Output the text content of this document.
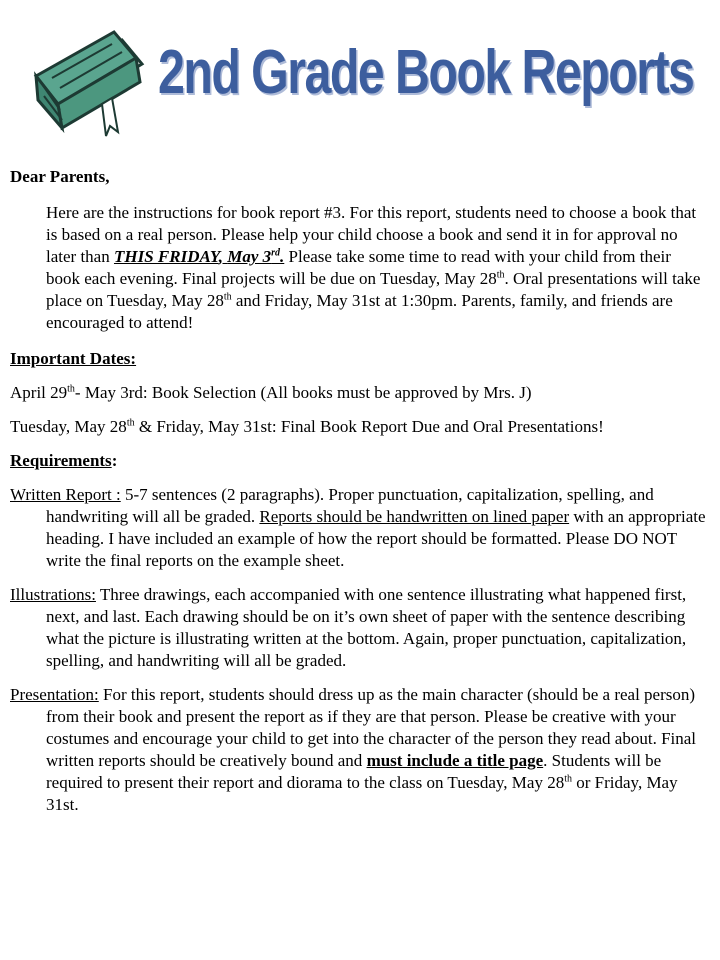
2nd Grade Book Reports

Dear Parents,

Here are the instructions for book report #3. For this report, students need to choose a book that is based on a real person. Please help your child choose a book and send it in for approval no later than THIS FRIDAY, May 3rd. Please take some time to read with your child from their book each evening. Final projects will be due on Tuesday, May 28th. Oral presentations will take place on Tuesday, May 28th and Friday, May 31st at 1:30pm. Parents, family, and friends are encouraged to attend!

Important Dates:

April 29th- May 3rd: Book Selection (All books must be approved by Mrs. J)

Tuesday, May 28th & Friday, May 31st: Final Book Report Due and Oral Presentations!

Requirements:

Written Report : 5-7 sentences (2 paragraphs). Proper punctuation, capitalization, spelling, and handwriting will all be graded. Reports should be handwritten on lined paper with an appropriate heading. I have included an example of how the report should be formatted. Please DO NOT write the final reports on the example sheet.

Illustrations: Three drawings, each accompanied with one sentence illustrating what happened first, next, and last. Each drawing should be on it’s own sheet of paper with the sentence describing what the picture is illustrating written at the bottom. Again, proper punctuation, capitalization, spelling, and handwriting will all be graded.

Presentation: For this report, students should dress up as the main character (should be a real person) from their book and present the report as if they are that person. Please be creative with your costumes and encourage your child to get into the character of the person they read about. Final written reports should be creatively bound and must include a title page. Students will be required to present their report and diorama to the class on Tuesday, May 28th or Friday, May 31st.
